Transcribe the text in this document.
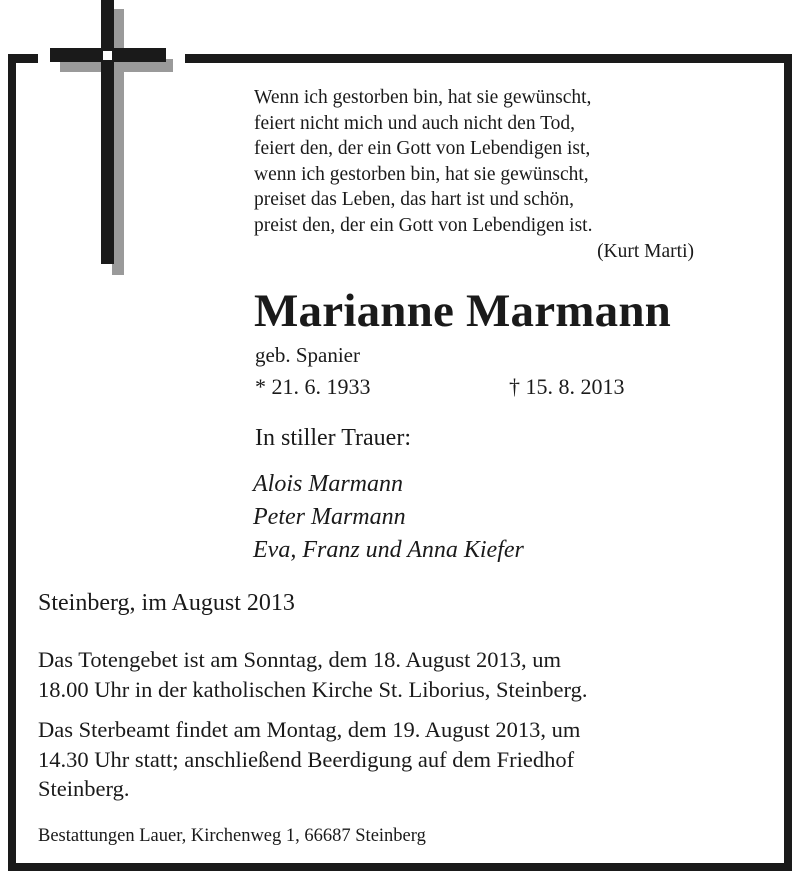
Wenn ich gestorben bin, hat sie gewünscht,
feiert nicht mich und auch nicht den Tod,
feiert den, der ein Gott von Lebendigen ist,
wenn ich gestorben bin, hat sie gewünscht,
preiset das Leben, das hart ist und schön,
preist den, der ein Gott von Lebendigen ist.
(Kurt Marti)
Marianne Marmann
geb. Spanier
* 21. 6. 1933	† 15. 8. 2013
In stiller Trauer:
Alois Marmann
Peter Marmann
Eva, Franz und Anna Kiefer
Steinberg, im August 2013
Das Totengebet ist am Sonntag, dem 18. August 2013, um
18.00 Uhr in der katholischen Kirche St. Liborius, Steinberg.
Das Sterbeamt findet am Montag, dem 19. August 2013, um
14.30 Uhr statt; anschließend Beerdigung auf dem Friedhof
Steinberg.
Bestattungen Lauer, Kirchenweg 1, 66687 Steinberg
